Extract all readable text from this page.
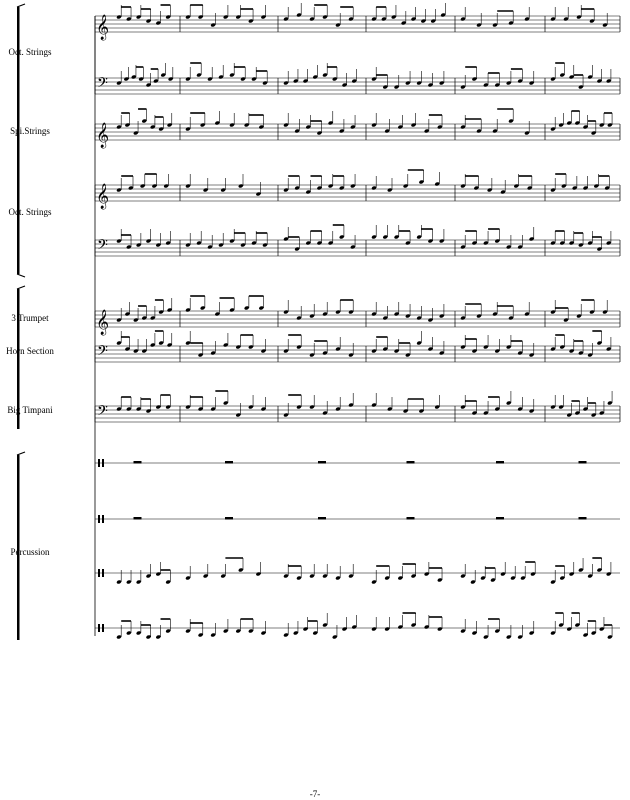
𝄞
𝄢
𝄞
𝄞
𝄢
𝄞
𝄢
𝄢
Oct. Strings
Spi.Strings
Oct. Strings
3 Trumpet
Horn Section
Big Timpani
Percussion
-7-
